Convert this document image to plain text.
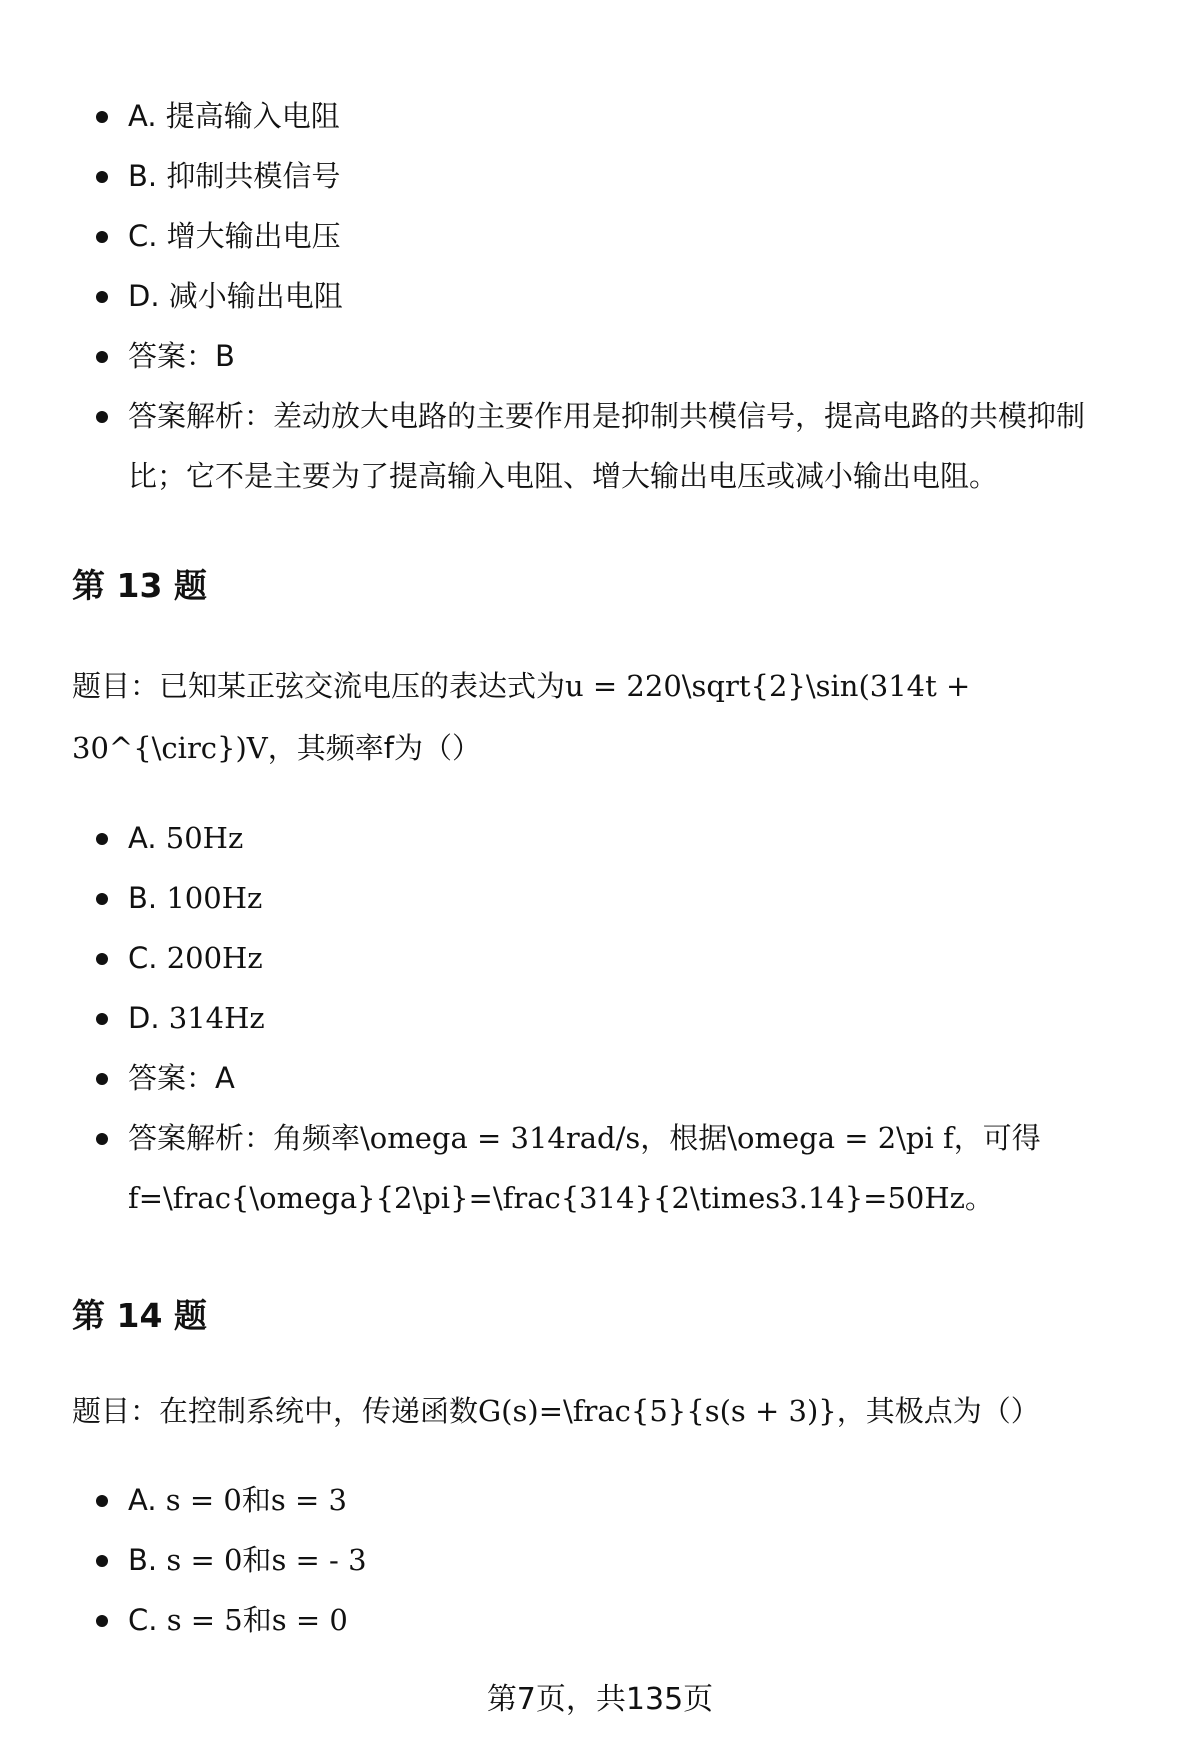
A. 提高输入电阻
B. 抑制共模信号
C. 增大输出电压
D. 减小输出电阻
答案：B
答案解析：差动放大电路的主要作用是抑制共模信号，提高电路的共模抑制比；它不是主要为了提高输入电阻、增大输出电压或减小输出电阻。
第 13 题

题目：已知某正弦交流电压的表达式为u = 220\sqrt{2}\sin(314t + 30^{\circ})V，其频率f为（）

A. 50Hz
B. 100Hz
C. 200Hz
D. 314Hz
答案：A
答案解析：角频率\omega = 314rad/s，根据\omega = 2\pi f，可得f=\frac{\omega}{2\pi}=\frac{314}{2\times3.14}=50Hz。
第 14 题

题目：在控制系统中，传递函数G(s)=\frac{5}{s(s + 3)}，其极点为（）

A. s = 0和s = 3
B. s = 0和s = - 3
C. s = 5和s = 0
第7页，共135页
